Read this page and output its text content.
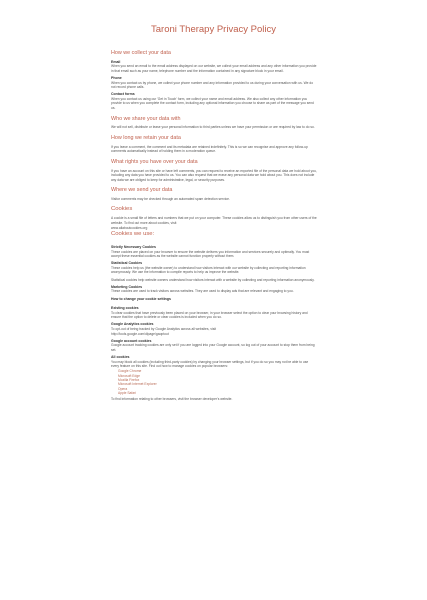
Taroni Therapy Privacy Policy
How we collect your data
Email

When you send an email to the email address displayed on our website, we collect your email address and any other information you provide in that email such as your name, telephone number and the information contained in any signature block in your email.

Phone

When you contact us by phone, we collect your phone number and any information provided to us during your conversation with us. We do not record phone calls.

Contact forms

When you contact us using our 'Get in Touch' form, we collect your name and email address. We also collect any other information you provide to us when you complete the contact form, including any optional information you choose to share as part of the message you send us.

Who we share your data with

We will not sell, distribute or lease your personal information to third parties unless we have your permission or are required by law to do so.

How long we retain your data

If you leave a comment, the comment and its metadata are retained indefinitely. This is so we can recognise and approve any follow-up comments automatically instead of holding them in a moderation queue.

What rights you have over your data

If you have an account on this site or have left comments, you can request to receive an exported file of the personal data we hold about you, including any data you have provided to us. You can also request that we erase any personal data we hold about you. This does not include any data we are obliged to keep for administrative, legal, or security purposes.

Where we send your data

Visitor comments may be checked through an automated spam detection service.

Cookies

A cookie is a small file of letters and numbers that we put on your computer. These cookies allow us to distinguish you from other users of the website. To find out more about cookies, visit

www.allaboutcookies.org
Cookies we use:
Strictly Necessary Cookies

These cookies are placed on your browser to ensure the website delivers you information and services securely and optimally. You must accept these essential cookies as the website cannot function properly without them.

Statistical Cookies

These cookies help us (the website owner) to understand how visitors interact with our website by collecting and reporting information anonymously. We use the information to compile reports to help us improve the website.

Statistical cookies help website owners understand how visitors interact with a website by collecting and reporting information anonymously.

Marketing Cookies

These cookies are used to track visitors across websites. They are used to display ads that are relevant and engaging to you.

How to change your cookie settings
Existing cookies

To clear cookies that have previously been placed on your browser, in your browser select the option to clear your browsing history and ensure that the option to delete or clear cookies is included when you do so.

Google Analytics cookies

To opt-out of being tracked by Google Analytics across all websites, visit

http://tools.google.com/dlpage/gaoptout
Google account cookies

Google account tracking cookies are only set if you are logged into your Google account, so log out of your account to stop them from being set.

All cookies

You may block all cookies (including third-party cookies) by changing your browser settings, but if you do so you may not be able to use every feature on this site. Find out how to manage cookies on popular browsers:

Google Chrome
Microsoft Edge
Mozilla Firefox
Microsoft Internet Explorer
Opera
Apple Safari

To find information relating to other browsers, visit the browser developer's website.
